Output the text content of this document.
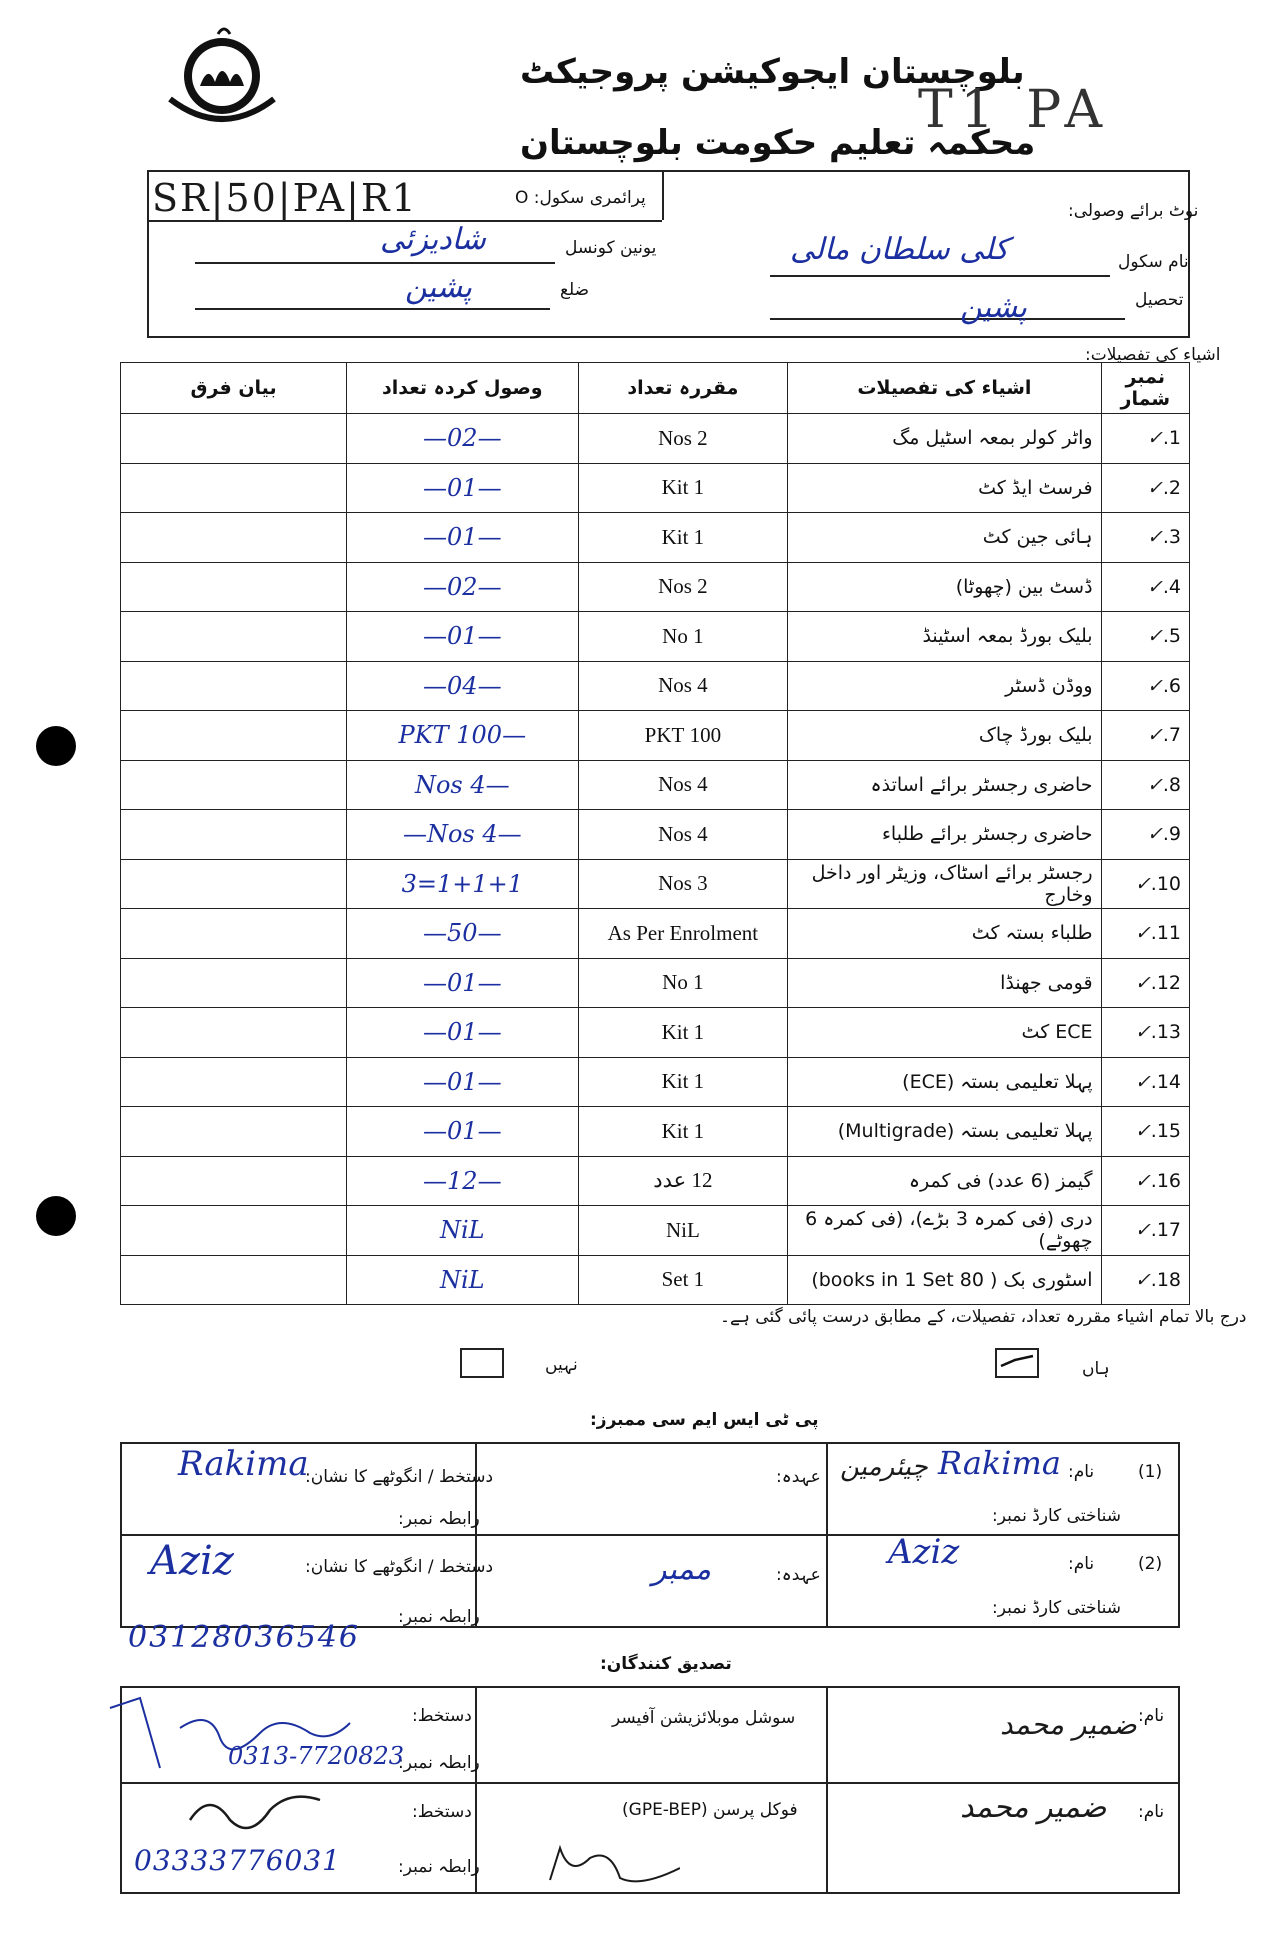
بلوچستان ایجوکیشن پروجیکٹ
محکمہ تعلیم حکومت بلوچستان
T1 PA
SR|50|PA|R1	پرائمری سکول: O
نوٹ برائے وصولی:
نام سکول
کلی سلطان مالی
یونین کونسل
شادیزئی
تحصیل
پشین
ضلع
پشین
اشیاء کی تفصیلات:
نمبر شمار	اشیاء کی تفصیلات	مقررہ تعداد	وصول کردہ تعداد	بیان فرق
1.✓	واٹر کولر بمعہ اسٹیل مگ	2 Nos	—02—	
2.✓	فرسٹ ایڈ کٹ	1 Kit	—01—	
3.✓	ہائی جین کٹ	1 Kit	—01—	
4.✓	ڈسٹ بین (چھوٹا)	2 Nos	—02—	
5.✓	بلیک بورڈ بمعہ اسٹینڈ	1 No	—01—	
6.✓	ووڈن ڈسٹر	4 Nos	—04—	
7.✓	بلیک بورڈ چاک	100 PKT	—100 PKT	
8.✓	حاضری رجسٹر برائے اساتذہ	4 Nos	—4 Nos	
9.✓	حاضری رجسٹر برائے طلباء	4 Nos	—4 Nos—	
10.✓	رجسٹر برائے اسٹاک، وزیٹر اور داخل وخارج	3 Nos	1+1+1=3	
11.✓	طلباء بستہ کٹ	As Per Enrolment	—50—	
12.✓	قومی جھنڈا	1 No	—01—	
13.✓	ECE کٹ	1 Kit	—01—	
14.✓	پہلا تعلیمی بستہ (ECE)	1 Kit	—01—	
15.✓	پہلا تعلیمی بستہ (Multigrade)	1 Kit	—01—	
16.✓	گیمز (6 عدد) فی کمرہ	12 عدد	—12—	
17.✓	دری (فی کمرہ 3 بڑے)، (فی کمرہ 6 چھوٹے)	NiL	NiL	
18.✓	اسٹوری بک ( 80 books in 1 Set)	1 Set	NiL	
درج بالا تمام اشیاء مقررہ تعداد، تفصیلات، کے مطابق درست پائی گئی ہے۔
ہاں
نہیں
پی ٹی ایس ایم سی ممبرز:
(1)
نام:
Rakima
شناختی کارڈ نمبر:
عہدہ: چیئرمین
دستخط / انگوٹھے کا نشان:
Rakima
رابطہ نمبر:
(2)
نام:
Aziz
شناختی کارڈ نمبر:
عہدہ:
ممبر
دستخط / انگوٹھے کا نشان:
Aziz
رابطہ نمبر:
03128036546
تصدیق کنندگان:
نام:
ضمیر محمد
سوشل موبلائزیشن آفیسر
دستخط:
رابطہ نمبر:
0313-7720823
نام:
ضمیر محمد
فوکل پرسن (GPE-BEP)
دستخط:
رابطہ نمبر:
03333776031
